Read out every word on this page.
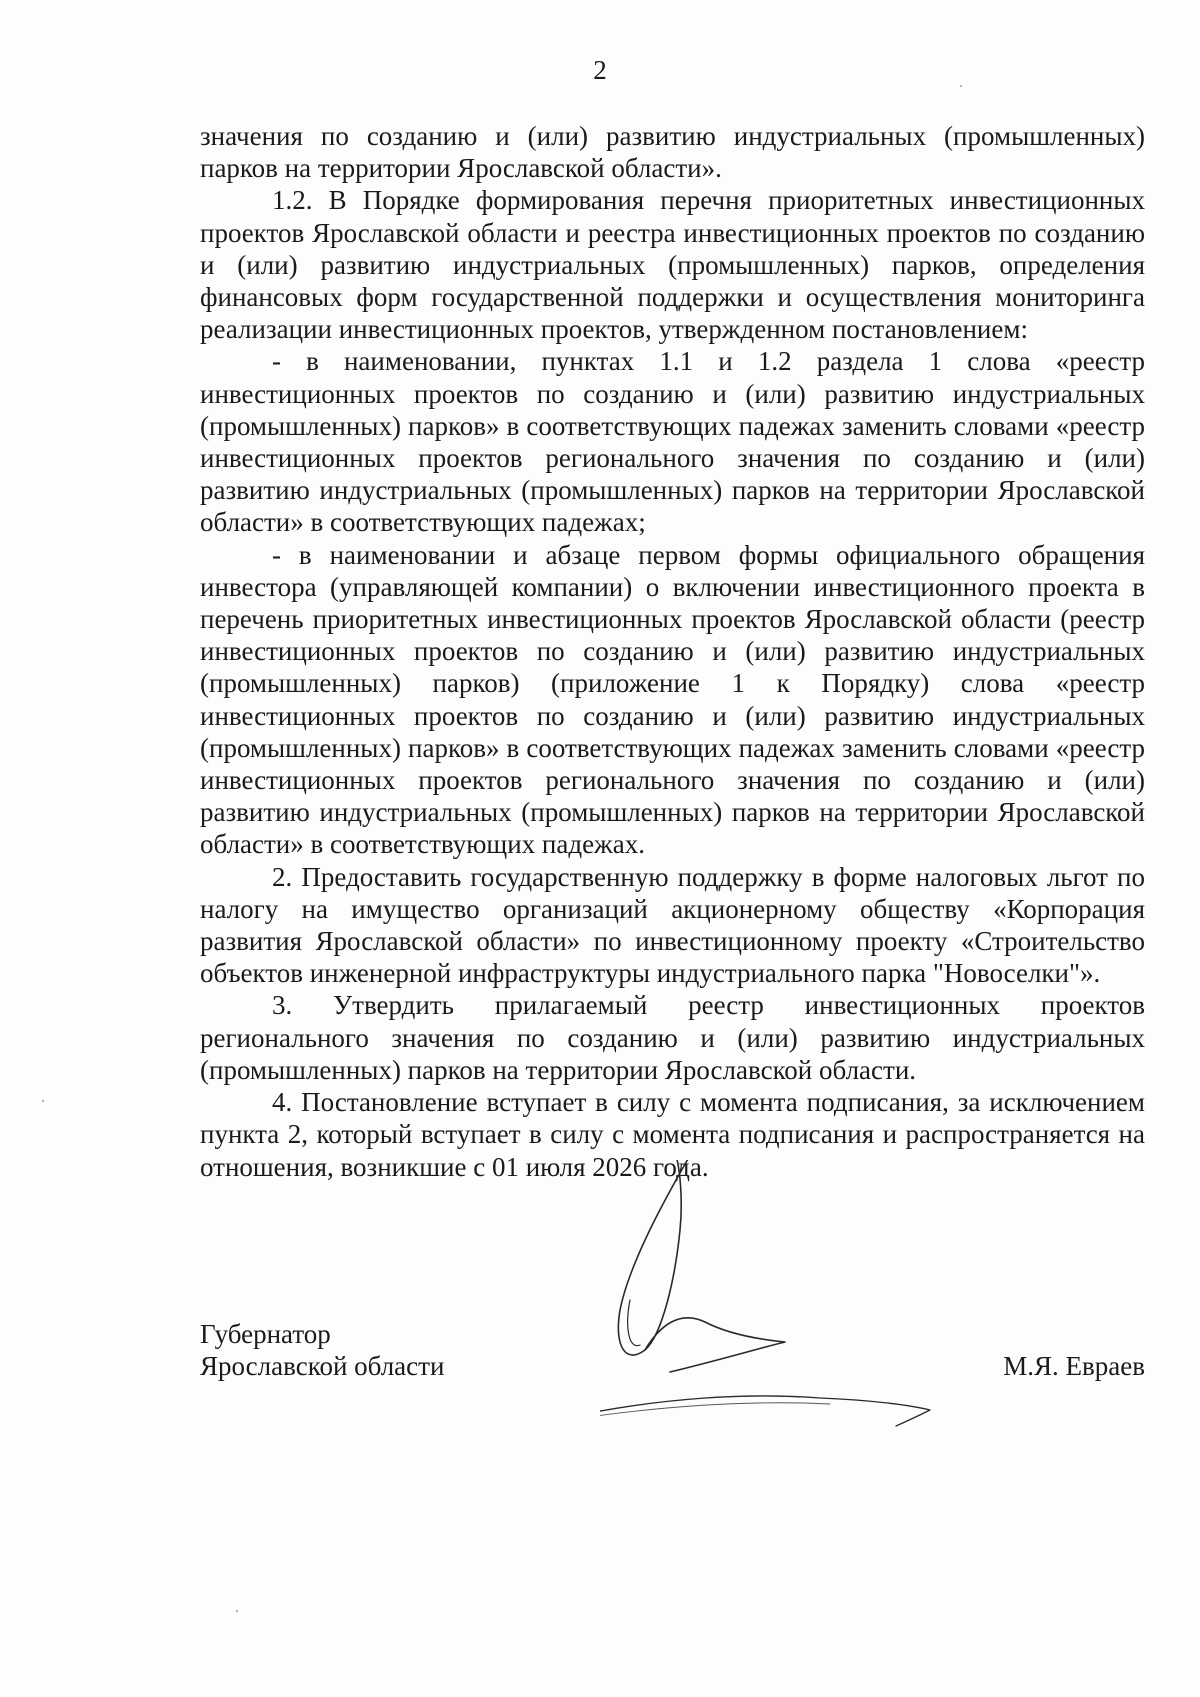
2

значения по созданию и (или) развитию индустриальных (промышленных) парков на территории Ярославской области».

1.2. В Порядке формирования перечня приоритетных инвестиционных проектов Ярославской области и реестра инвестиционных проектов по созданию и (или) развитию индустриальных (промышленных) парков, определения финансовых форм государственной поддержки и осуществления мониторинга реализации инвестиционных проектов, утвержденном постановлением:

- в наименовании, пунктах 1.1 и 1.2 раздела 1 слова «реестр инвестиционных проектов по созданию и (или) развитию индустриальных (промышленных) парков» в соответствующих падежах заменить словами «реестр инвестиционных проектов регионального значения по созданию и (или) развитию индустриальных (промышленных) парков на территории Ярославской области» в соответствующих падежах;

- в наименовании и абзаце первом формы официального обращения инвестора (управляющей компании) о включении инвестиционного проекта в перечень приоритетных инвестиционных проектов Ярославской области (реестр инвестиционных проектов по созданию и (или) развитию индустриальных (промышленных) парков) (приложение 1 к Порядку) слова «реестр инвестиционных проектов по созданию и (или) развитию индустриальных (промышленных) парков» в соответствующих падежах заменить словами «реестр инвестиционных проектов регионального значения по созданию и (или) развитию индустриальных (промышленных) парков на территории Ярославской области» в соответствующих падежах.

2. Предоставить государственную поддержку в форме налоговых льгот по налогу на имущество организаций акционерному обществу «Корпорация развития Ярославской области» по инвестиционному проекту «Строительство объектов инженерной инфраструктуры индустриального парка "Новоселки"».

3. Утвердить прилагаемый реестр инвестиционных проектов регионального значения по созданию и (или) развитию индустриальных (промышленных) парков на территории Ярославской области.

4. Постановление вступает в силу с момента подписания, за исключением пункта 2, который вступает в силу с момента подписания и распространяется на отношения, возникшие с 01 июля 2026 года.

Губернатор
Ярославской области	М.Я. Евраев
